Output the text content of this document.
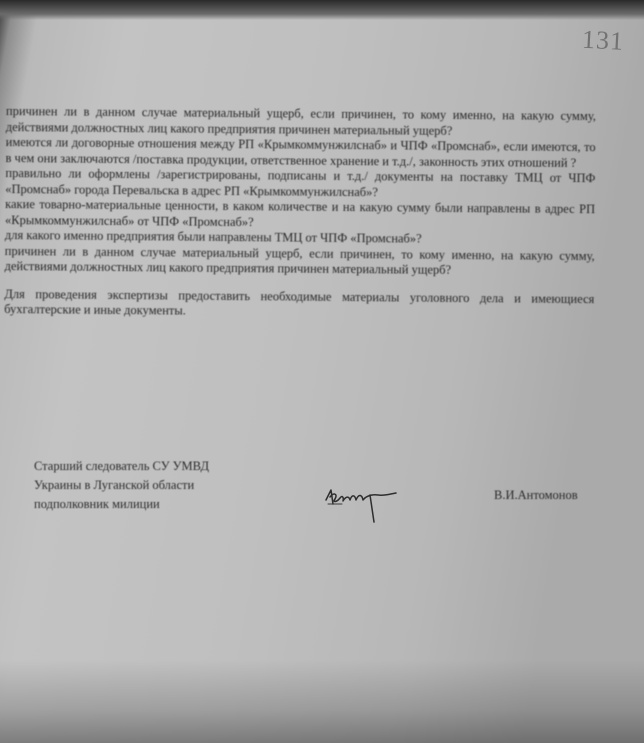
131
причинен ли в данном случае материальный ущерб, если причинен, то кому именно, на какую сумму, действиями должностных лиц какого предприятия причинен материальный ущерб?
имеются ли договорные отношения между РП «Крымкоммунжилснаб» и ЧПФ «Промснаб», если имеются, то в чем они заключаются /поставка продукции, ответственное хранение и т.д./, законность этих отношений ?
правильно ли оформлены /зарегистрированы, подписаны и т.д./ документы на поставку ТМЦ от ЧПФ «Промснаб» города Перевальска в адрес РП «Крымкоммунжилснаб»?
какие товарно-материальные ценности, в каком количестве и на какую сумму были направлены в адрес РП «Крымкоммунжилснаб» от ЧПФ «Промснаб»?
для какого именно предприятия были направлены ТМЦ от ЧПФ «Промснаб»?
причинен ли в данном случае материальный ущерб, если причинен, то кому именно, на какую сумму, действиями должностных лиц какого предприятия причинен материальный ущерб?
Для проведения экспертизы предоставить необходимые материалы уголовного дела и имеющиеся бухгалтерские и иные документы.
Старший следователь СУ УМВД
Украины в Луганской области
подполковник милиции
В.И.Антомонов
